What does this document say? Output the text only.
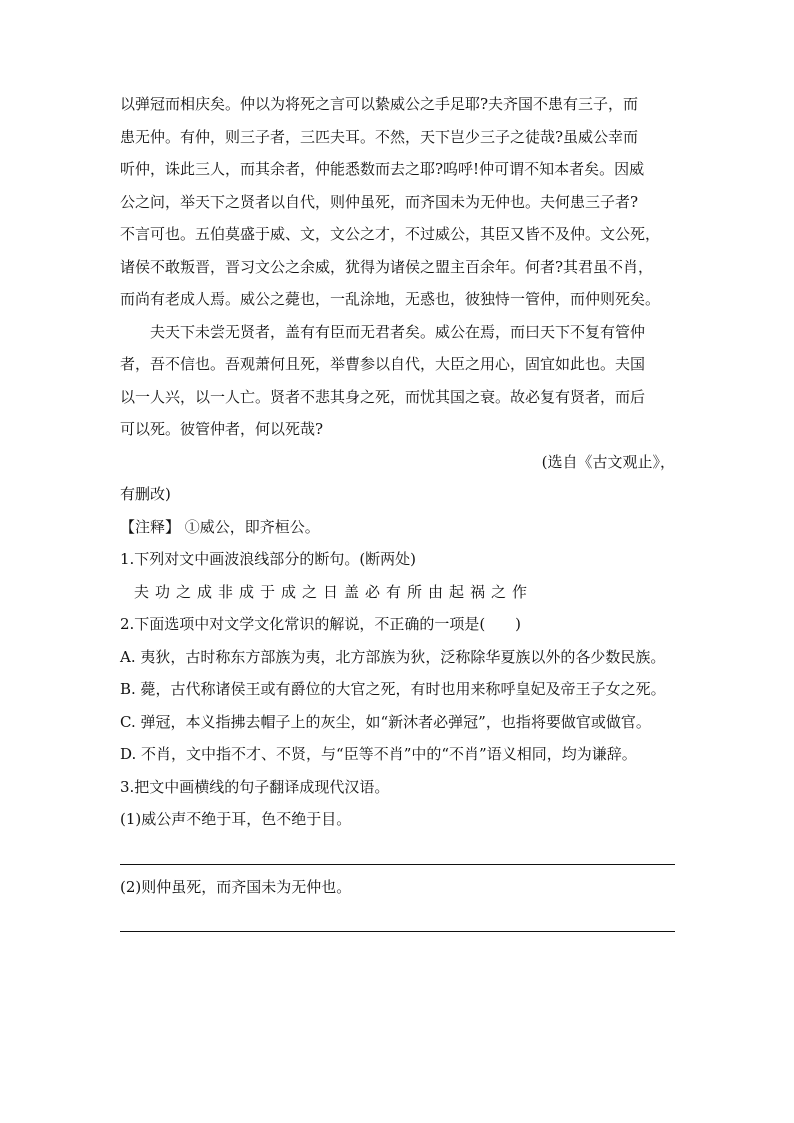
以弹冠而相庆矣。仲以为将死之言可以絷威公之手足耶?夫齐国不患有三子，而

患无仲。有仲，则三子者，三匹夫耳。不然，天下岂少三子之徒哉?虽威公幸而

听仲，诛此三人，而其余者，仲能悉数而去之耶?呜呼!仲可谓不知本者矣。因威

公之问，举天下之贤者以自代，则仲虽死，而齐国未为无仲也。夫何患三子者?

不言可也。五伯莫盛于威、文，文公之才，不过威公，其臣又皆不及仲。文公死，

诸侯不敢叛晋，晋习文公之余威，犹得为诸侯之盟主百余年。何者?其君虽不肖，

而尚有老成人焉。威公之薨也，一乱涂地，无惑也，彼独恃一管仲，而仲则死矣。

夫天下未尝无贤者，盖有有臣而无君者矣。威公在焉，而曰天下不复有管仲

者，吾不信也。吾观萧何且死，举曹参以自代，大臣之用心，固宜如此也。夫国

以一人兴，以一人亡。贤者不悲其身之死，而忧其国之衰。故必复有贤者，而后

可以死。彼管仲者，何以死哉?

(选自《古文观止》，

有删改)

【注释】 ①威公，即齐桓公。

1.下列对文中画波浪线部分的断句。(断两处)

夫功之成非成于成之日盖必有所由起祸之作

2.下面选项中对文学文化常识的解说，不正确的一项是(　　)

A. 夷狄，古时称东方部族为夷，北方部族为狄，泛称除华夏族以外的各少数民族。

B. 薨，古代称诸侯王或有爵位的大官之死，有时也用来称呼皇妃及帝王子女之死。

C. 弹冠，本义指拂去帽子上的灰尘，如“新沐者必弹冠”，也指将要做官或做官。

D. 不肖，文中指不才、不贤，与“臣等不肖”中的“不肖”语义相同，均为谦辞。

3.把文中画横线的句子翻译成现代汉语。

(1)威公声不绝于耳，色不绝于目。

(2)则仲虽死，而齐国未为无仲也。
